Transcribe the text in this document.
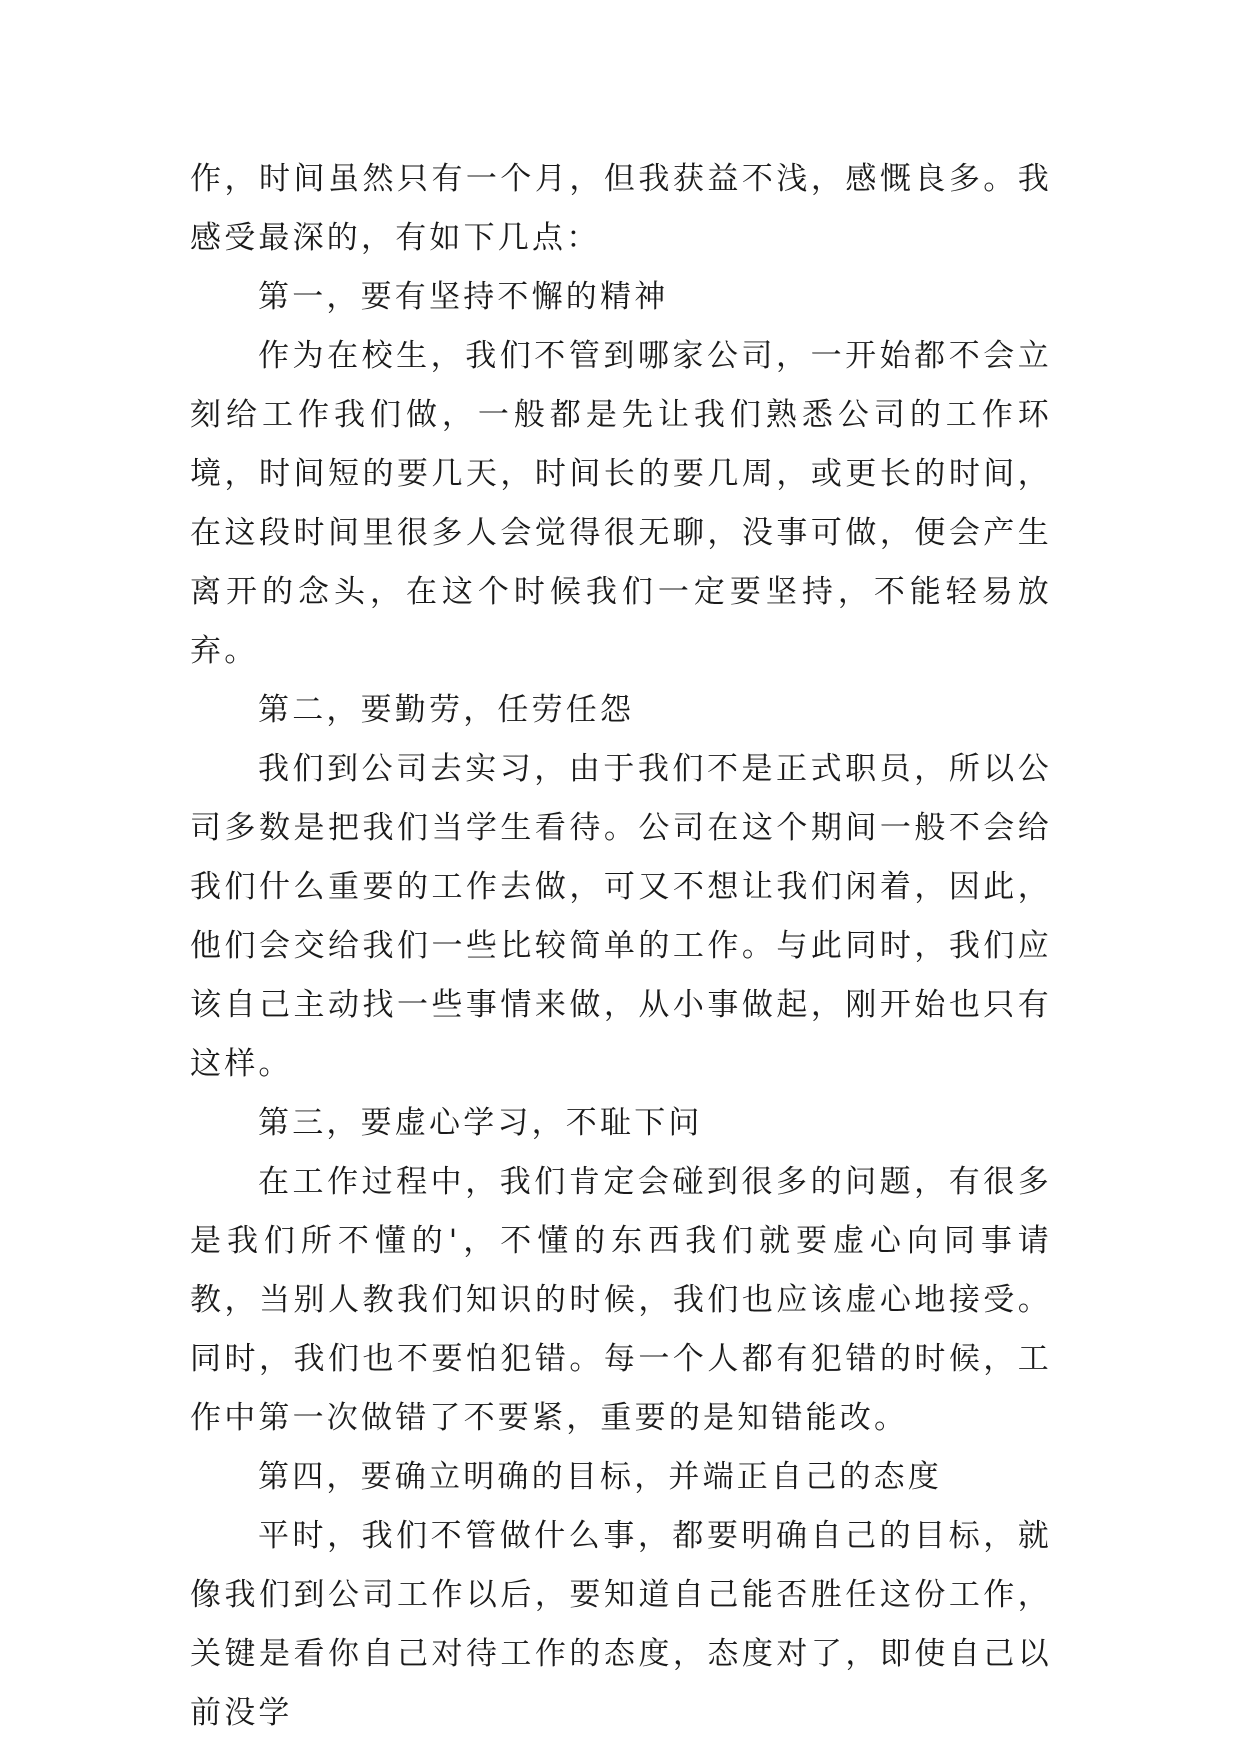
作，时间虽然只有一个月，但我获益不浅，感慨良多。我感受最深的，有如下几点：

第一，要有坚持不懈的精神

作为在校生，我们不管到哪家公司，一开始都不会立刻给工作我们做，一般都是先让我们熟悉公司的工作环境，时间短的要几天，时间长的要几周，或更长的时间，在这段时间里很多人会觉得很无聊，没事可做，便会产生离开的念头，在这个时候我们一定要坚持，不能轻易放弃。

第二，要勤劳，任劳任怨

我们到公司去实习，由于我们不是正式职员，所以公司多数是把我们当学生看待。公司在这个期间一般不会给我们什么重要的工作去做，可又不想让我们闲着，因此，他们会交给我们一些比较简单的工作。与此同时，我们应该自己主动找一些事情来做，从小事做起，刚开始也只有这样。

第三，要虚心学习，不耻下问

在工作过程中，我们肯定会碰到很多的问题，有很多是我们所不懂的'，不懂的东西我们就要虚心向同事请教，当别人教我们知识的时候，我们也应该虚心地接受。同时，我们也不要怕犯错。每一个人都有犯错的时候，工作中第一次做错了不要紧，重要的是知错能改。

第四，要确立明确的目标，并端正自己的态度

平时，我们不管做什么事，都要明确自己的目标，就像我们到公司工作以后，要知道自己能否胜任这份工作，关键是看你自己对待工作的态度，态度对了，即使自己以前没学
